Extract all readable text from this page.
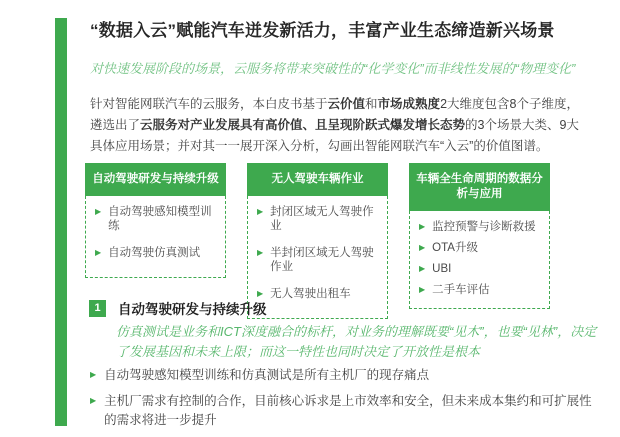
“数据入云”赋能汽车迸发新活力，丰富产业生态缔造新兴场景

对快速发展阶段的场景，云服务将带来突破性的“化学变化”而非线性发展的“物理变化”

针对智能网联汽车的云服务，本白皮书基于云价值和市场成熟度2大维度包含8个子维度，遴选出了云服务对产业发展具有高价值、且呈现阶跃式爆发增长态势的3个场景大类、9大具体应用场景；并对其一一展开深入分析，勾画出智能网联汽车“入云”的价值图谱。

自动驾驶研发与持续升级
▶ 自动驾驶感知模型训练
▶ 自动驾驶仿真测试
无人驾驶车辆作业
▶ 封闭区域无人驾驶作业
▶ 半封闭区域无人驾驶作业
▶ 无人驾驶出租车
车辆全生命周期的数据分析与应用
▶ 监控预警与诊断救援
▶ OTA升级
▶ UBI
▶ 二手车评估
1	自动驾驶研发与持续升级

仿真测试是业务和ICT深度融合的标杆，对业务的理解既要“见木”，也要“见林”，决定了发展基因和未来上限；而这一特性也同时决定了开放性是根本

▶ 自动驾驶感知模型训练和仿真测试是所有主机厂的现存痛点
▶ 主机厂需求有控制的合作，目前核心诉求是上市效率和安全，但未来成本集约和可扩展性的需求将进一步提升
